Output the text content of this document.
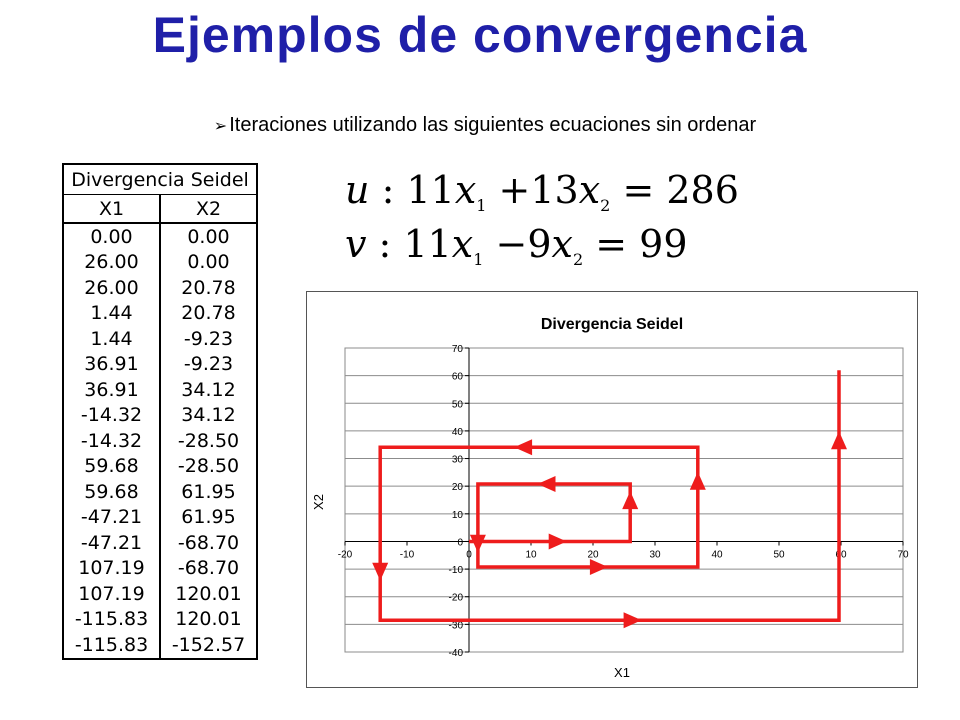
Ejemplos de convergencia
➢ Iteraciones utilizando las siguientes ecuaciones sin ordenar
u : $11x_1 +13x_2 = 286$
v : $11x_1 -9x_2 = 99$
Divergencia Seidel	
X1	X2
0.00	0.00
26.00	0.00
26.00	20.78
1.44	20.78
1.44	-9.23
36.91	-9.23
36.91	34.12
-14.32	34.12
-14.32	-28.50
59.68	-28.50
59.68	61.95
-47.21	61.95
-47.21	-68.70
107.19	-68.70
107.19	120.01
-115.83	120.01
-115.83	-152.57
Divergencia Seidel
-20	-10	0	10	20	30	40	50	60	70
-40
-30
-20
-10
0
10
20
30
40
50
60
70
X1
X2
